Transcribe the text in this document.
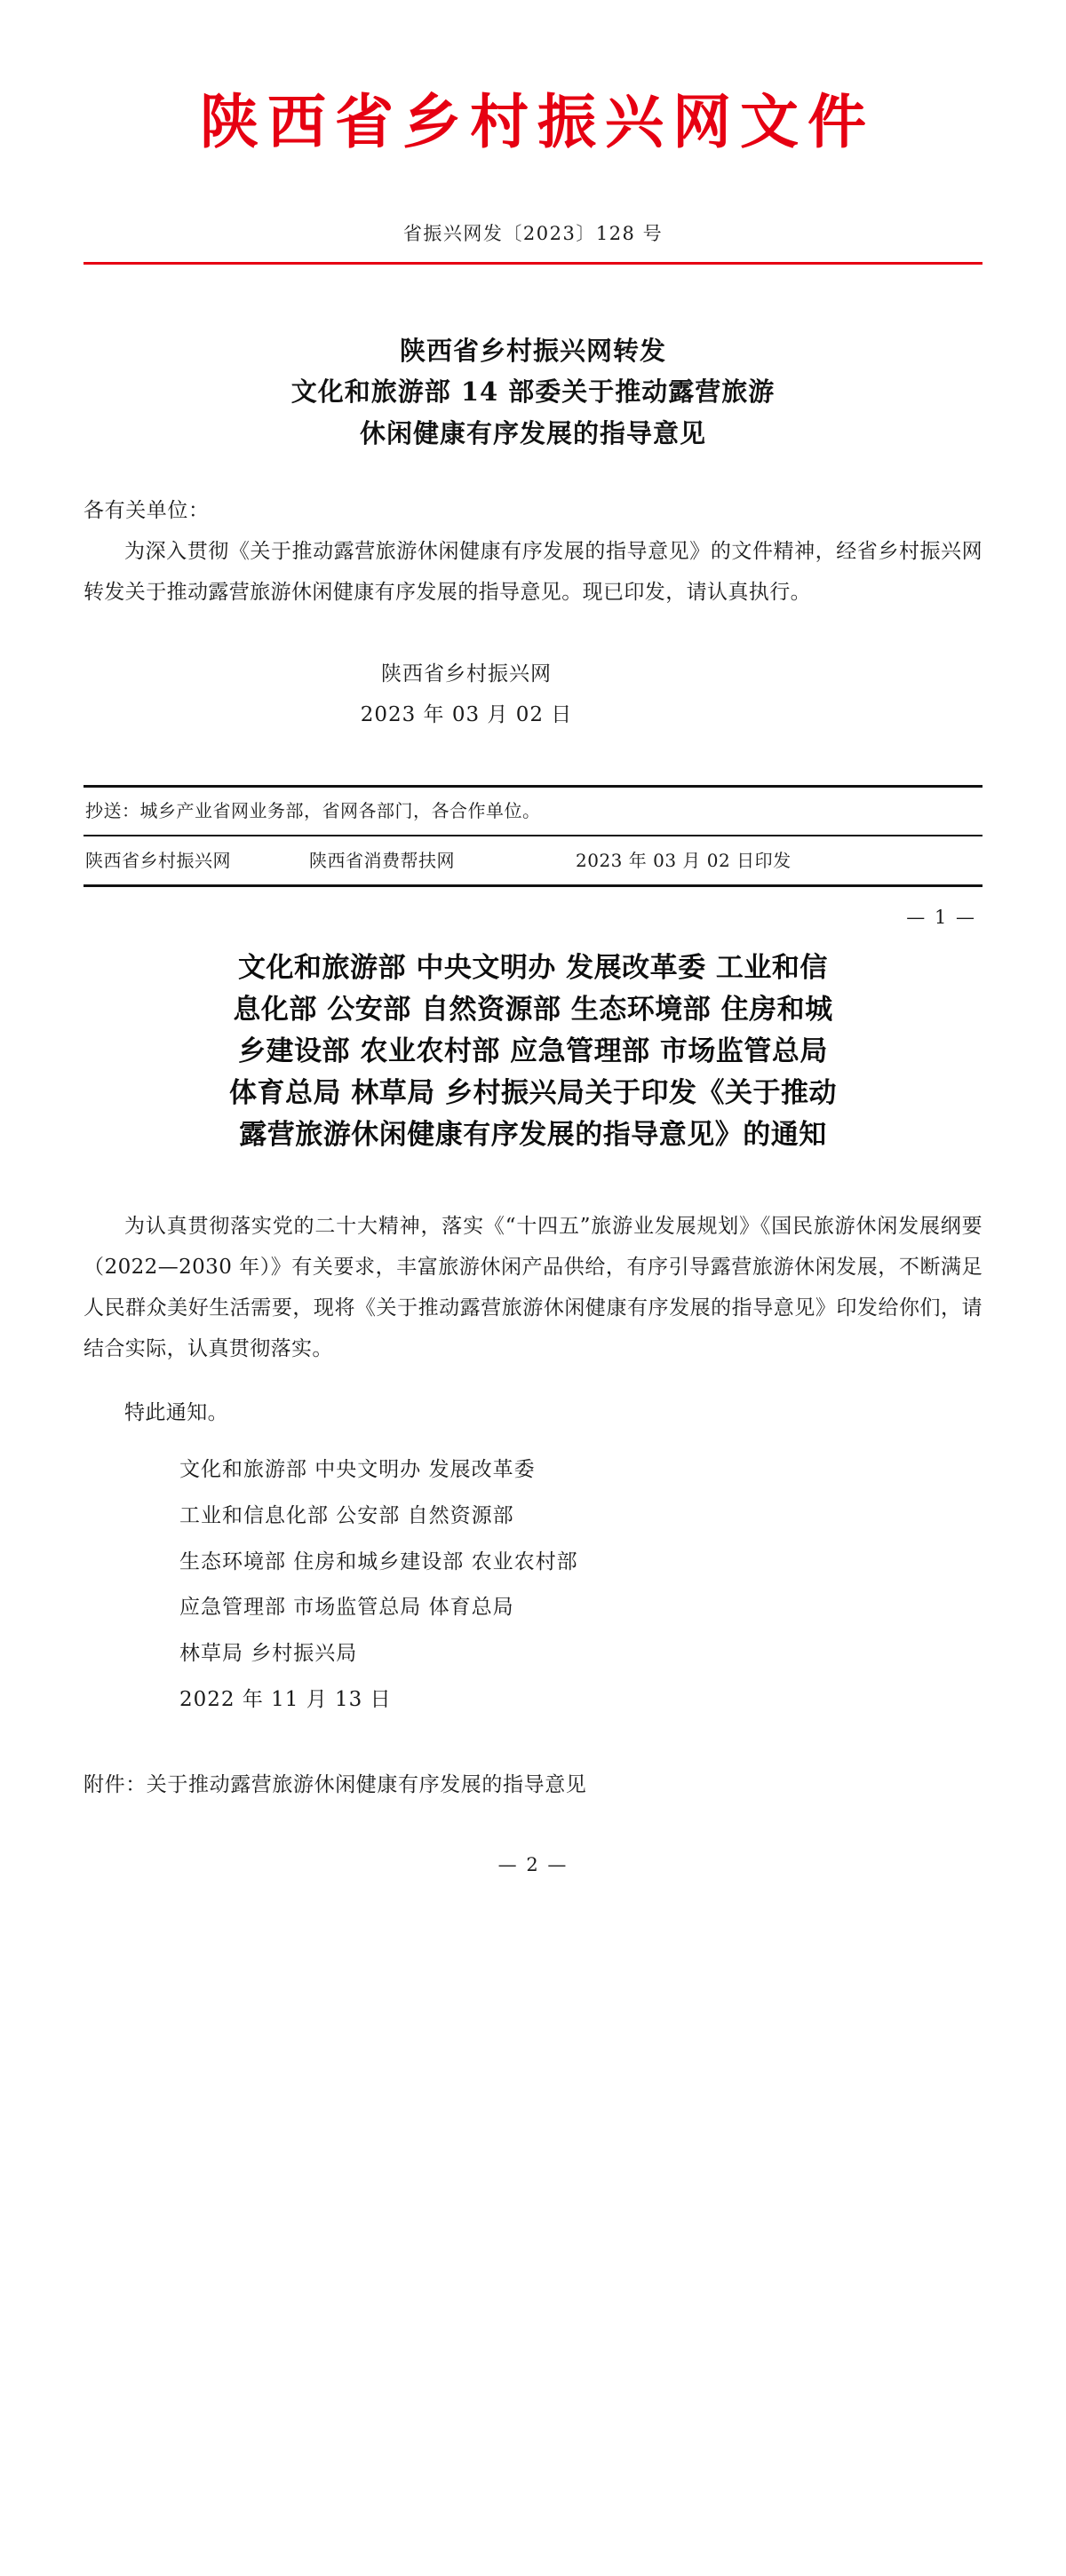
陕西省乡村振兴网文件
省振兴网发〔2023〕128 号
陕西省乡村振兴网转发
文化和旅游部 14 部委关于推动露营旅游
休闲健康有序发展的指导意见
各有关单位：

为深入贯彻《关于推动露营旅游休闲健康有序发展的指导意见》的文件精神，经省乡村振兴网转发关于推动露营旅游休闲健康有序发展的指导意见。现已印发，请认真执行。

陕西省乡村振兴网
2023 年 03 月 02 日
抄送：城乡产业省网业务部，省网各部门，各合作单位。
陕西省乡村振兴网	陕西省消费帮扶网	2023 年 03 月 02 日印发
— 1 —
文化和旅游部 中央文明办 发展改革委 工业和信
息化部 公安部 自然资源部 生态环境部 住房和城
乡建设部 农业农村部 应急管理部 市场监管总局
体育总局 林草局 乡村振兴局关于印发《关于推动
露营旅游休闲健康有序发展的指导意见》的通知

为认真贯彻落实党的二十大精神，落实《“十四五”旅游业发展规划》《国民旅游休闲发展纲要（2022—2030 年）》有关要求，丰富旅游休闲产品供给，有序引导露营旅游休闲发展，不断满足人民群众美好生活需要，现将《关于推动露营旅游休闲健康有序发展的指导意见》印发给你们，请结合实际，认真贯彻落实。

特此通知。

文化和旅游部 中央文明办 发展改革委
工业和信息化部 公安部 自然资源部
生态环境部 住房和城乡建设部 农业农村部
应急管理部 市场监管总局 体育总局
林草局 乡村振兴局
2022 年 11 月 13 日
附件：关于推动露营旅游休闲健康有序发展的指导意见
— 2 —
